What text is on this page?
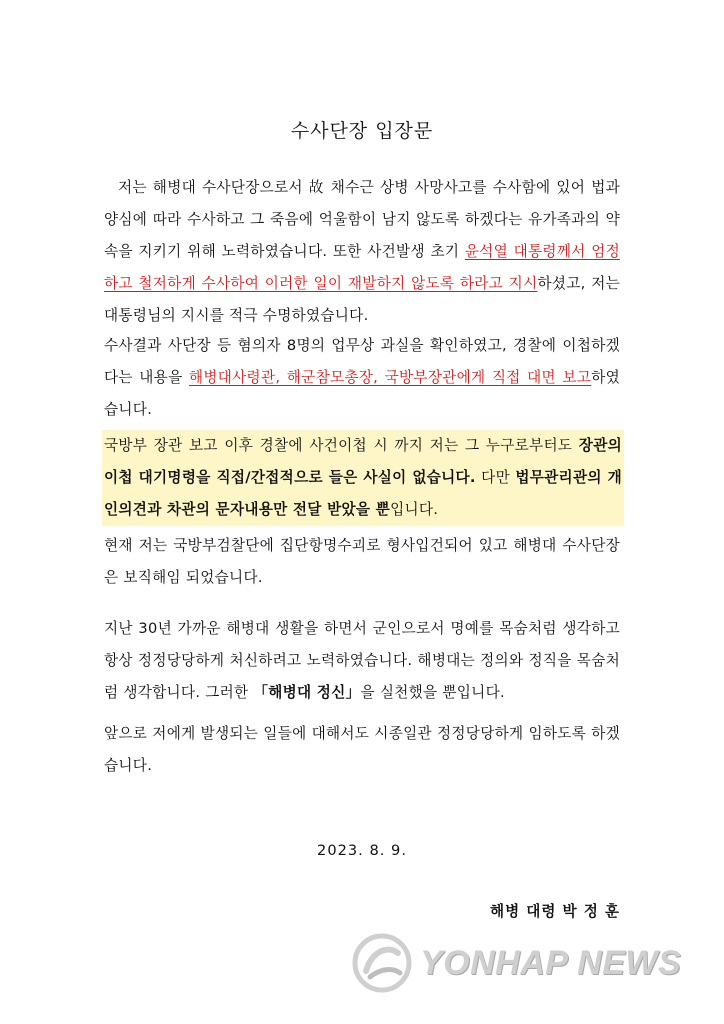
수사단장 입장문
저는 해병대 수사단장으로서 故 채수근 상병 사망사고를 수사함에 있어 법과 양심에 따라 수사하고 그 죽음에 억울함이 남지 않도록 하겠다는 유가족과의 약속을 지키기 위해 노력하였습니다. 또한 사건발생 초기 윤석열 대통령께서 엄정하고 철저하게 수사하여 이러한 일이 재발하지 않도록 하라고 지시하셨고, 저는 대통령님의 지시를 적극 수명하였습니다.
수사결과 사단장 등 혐의자 8명의 업무상 과실을 확인하였고, 경찰에 이첩하겠다는 내용을 해병대사령관, 해군참모총장, 국방부장관에게 직접 대면 보고하였습니다.
국방부 장관 보고 이후 경찰에 사건이첩 시 까지 저는 그 누구로부터도 장관의 이첩 대기명령을 직접/간접적으로 들은 사실이 없습니다. 다만 법무관리관의 개인의견과 차관의 문자내용만 전달 받았을 뿐입니다.
현재 저는 국방부검찰단에 집단항명수괴로 형사입건되어 있고 해병대 수사단장은 보직해임 되었습니다.
지난 30년 가까운 해병대 생활을 하면서 군인으로서 명예를 목숨처럼 생각하고 항상 정정당당하게 처신하려고 노력하였습니다. 해병대는 정의와 정직을 목숨처럼 생각합니다. 그러한 「해병대 정신」을 실천했을 뿐입니다.
앞으로 저에게 발생되는 일들에 대해서도 시종일관 정정당당하게 임하도록 하겠습니다.
2023. 8. 9.
해병 대령 박 정 훈
YONHAP NEWS
